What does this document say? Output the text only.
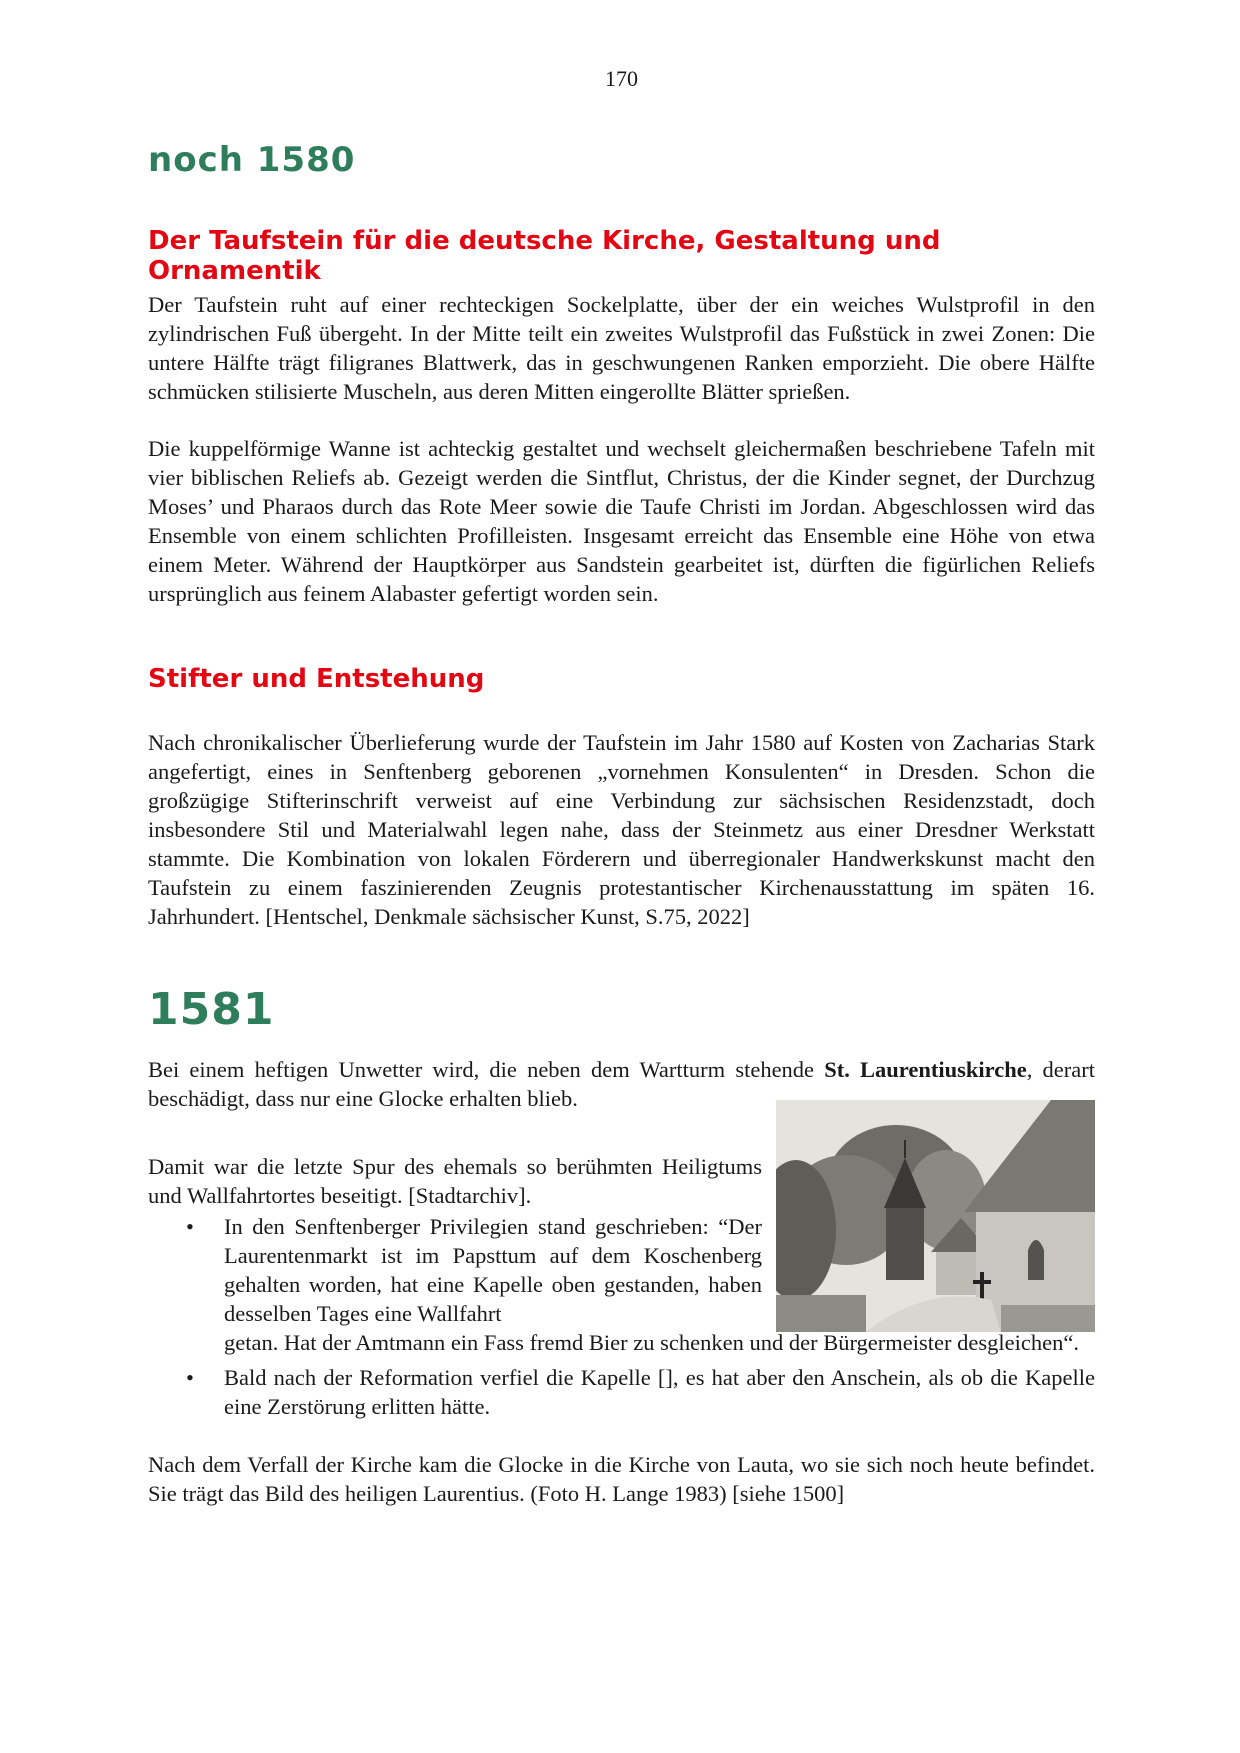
170
noch 1580
Der Taufstein für die deutsche Kirche, Gestaltung und Ornamentik
Der Taufstein ruht auf einer rechteckigen Sockelplatte, über der ein weiches Wulstprofil in den zylindrischen Fuß übergeht. In der Mitte teilt ein zweites Wulstprofil das Fußstück in zwei Zonen: Die untere Hälfte trägt filigranes Blattwerk, das in geschwungenen Ranken emporzieht. Die obere Hälfte schmücken stilisierte Muscheln, aus deren Mitten eingerollte Blätter sprießen.
Die kuppelförmige Wanne ist achteckig gestaltet und wechselt gleichermaßen beschriebene Tafeln mit vier biblischen Reliefs ab. Gezeigt werden die Sintflut, Christus, der die Kinder segnet, der Durchzug Moses’ und Pharaos durch das Rote Meer sowie die Taufe Christi im Jordan. Abgeschlossen wird das Ensemble von einem schlichten Profilleisten. Insgesamt erreicht das Ensemble eine Höhe von etwa einem Meter. Während der Hauptkörper aus Sandstein gearbeitet ist, dürften die figürlichen Reliefs ursprünglich aus feinem Alabaster gefertigt worden sein.
Stifter und Entstehung
Nach chronikalischer Überlieferung wurde der Taufstein im Jahr 1580 auf Kosten von Zacharias Stark angefertigt, eines in Senftenberg geborenen „vornehmen Konsulenten“ in Dresden. Schon die großzügige Stifterinschrift verweist auf eine Verbindung zur sächsischen Residenzstadt, doch insbesondere Stil und Materialwahl legen nahe, dass der Steinmetz aus einer Dresdner Werkstatt stammte. Die Kombination von lokalen Förderern und überregionaler Handwerkskunst macht den Taufstein zu einem faszinierenden Zeugnis protestantischer Kirchenausstattung im späten 16. Jahrhundert. [Hentschel, Denkmale sächsischer Kunst, S.75, 2022]
1581
Bei einem heftigen Unwetter wird, die neben dem Wartturm stehende St. Laurentiuskirche, derart beschädigt, dass nur eine Glocke erhalten blieb.
Damit war die letzte Spur des ehemals so berühmten Heiligtums und Wallfahrtortes beseitigt. [Stadtarchiv].
• In den Senftenberger Privilegien stand geschrieben: “Der Laurentenmarkt ist im Papsttum auf dem Koschenberg gehalten worden, hat eine Kapelle oben gestanden, haben desselben Tages eine Wallfahrt
getan. Hat der Amtmann ein Fass fremd Bier zu schenken und der Bürgermeister desgleichen“.
• Bald nach der Reformation verfiel die Kapelle [], es hat aber den Anschein, als ob die Kapelle eine Zerstörung erlitten hätte.
Nach dem Verfall der Kirche kam die Glocke in die Kirche von Lauta, wo sie sich noch heute befindet. Sie trägt das Bild des heiligen Laurentius. (Foto H. Lange 1983) [siehe 1500]
